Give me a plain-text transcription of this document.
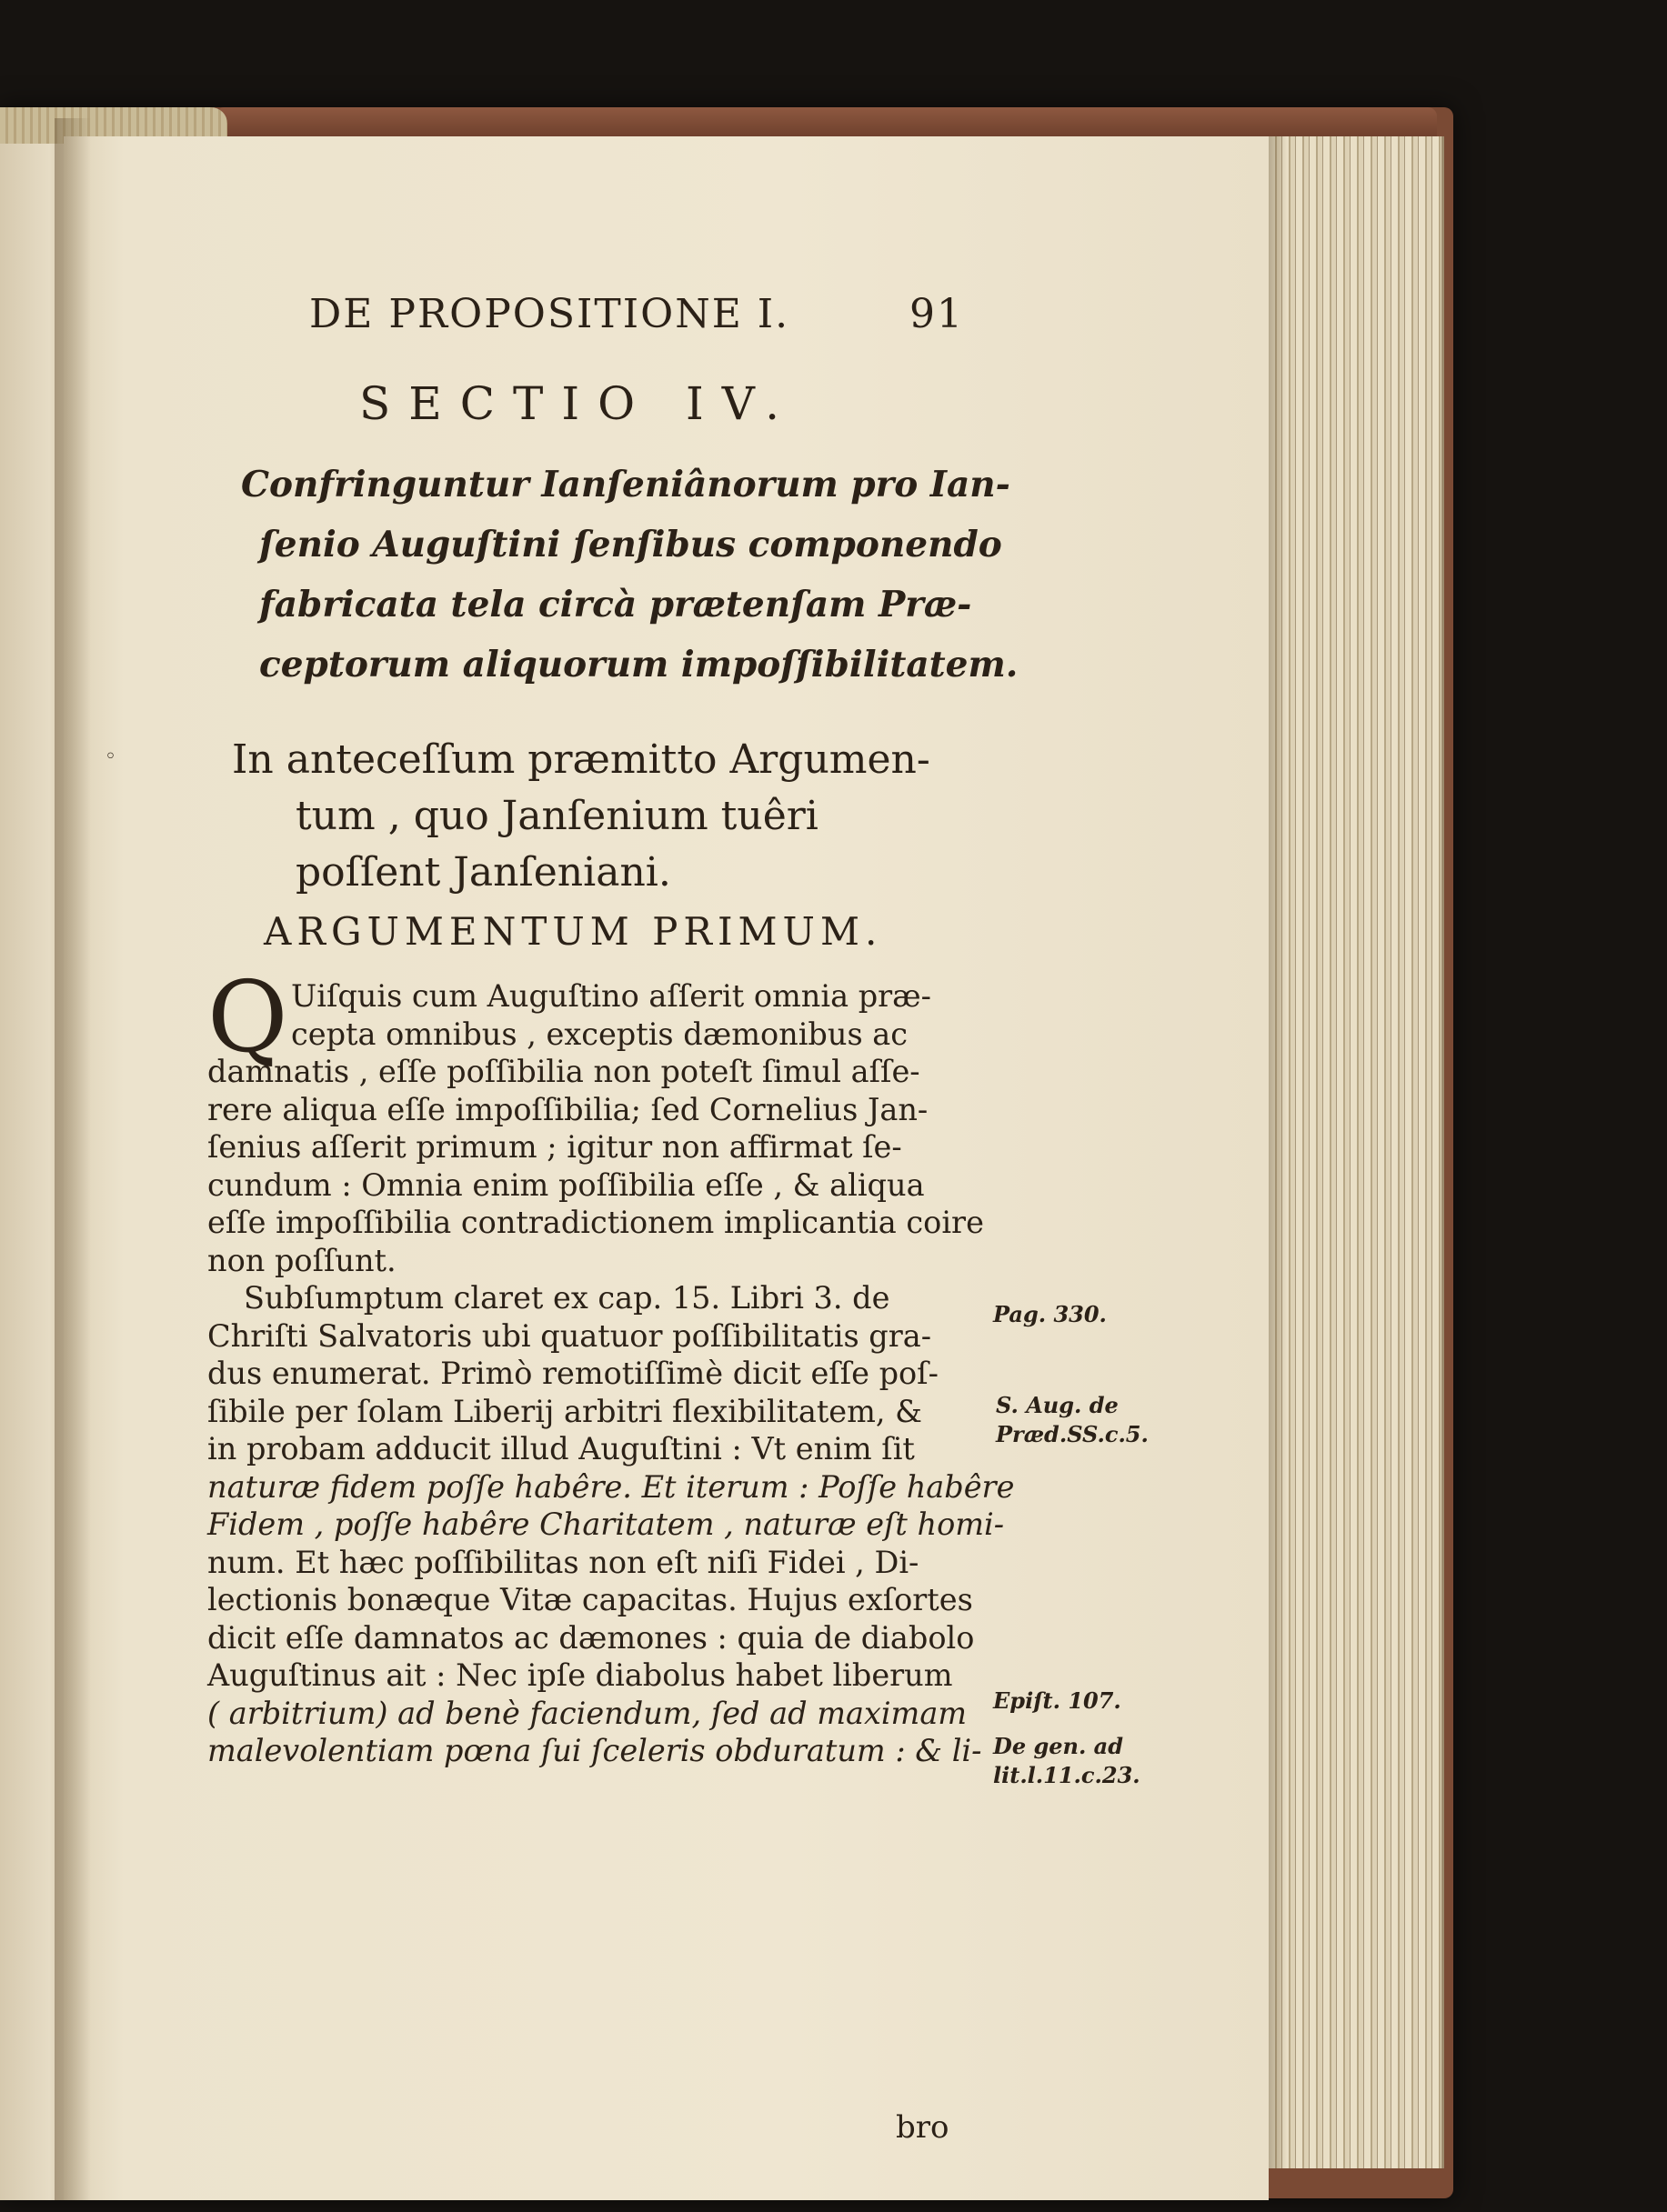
DE PROPOSITIONE I.	91
SECTIO IV.
Confringuntur Ianſeniânorum pro Ian-
ſenio Auguſtini ſenſibus componendo
fabricata tela circà prætenſam Præ-
ceptorum aliquorum impoſſibilitatem.
◦	In anteceſſum præmitto Argumen-
tum , quo Janſenium tuêri
poſſent Janſeniani.
ARGUMENTUM PRIMUM.
Q Uiſquis cum Auguſtino aſſerit omnia præ-
cepta omnibus , exceptis dæmonibus ac
damnatis , eſſe poſſibilia non poteſt ſimul aſſe-
rere aliqua eſſe impoſſibilia; ſed Cornelius Jan-
ſenius aſſerit primum ; igitur non affirmat ſe-
cundum : Omnia enim poſſibilia eſſe , & aliqua
eſſe impoſſibilia contradictionem implicantia coire
non poſſunt.
Subſumptum claret ex cap. 15. Libri 3. de
Chriſti Salvatoris ubi quatuor poſſibilitatis gra-
dus enumerat. Primò remotiſſimè dicit eſſe poſ-
ſibile per ſolam Liberij arbitri flexibilitatem, &
in probam adducit illud Auguſtini : Vt enim ſit
naturæ fidem poſſe habêre. Et iterum : Poſſe habêre
Fidem , poſſe habêre Charitatem , naturæ eſt homi-
num. Et hæc poſſibilitas non eſt niſi Fidei , Di-
lectionis bonæque Vitæ capacitas. Hujus exſortes
dicit eſſe damnatos ac dæmones : quia de diabolo
Auguſtinus ait : Nec ipſe diabolus habet liberum
( arbitrium) ad benè faciendum, ſed ad maximam
malevolentiam pœna ſui ſceleris obduratum : & li-
bro
Pag. 330.
S. Aug. de
Præd.SS.c.5.
Epiſt. 107.
De gen. ad
lit.l.11.c.23.
